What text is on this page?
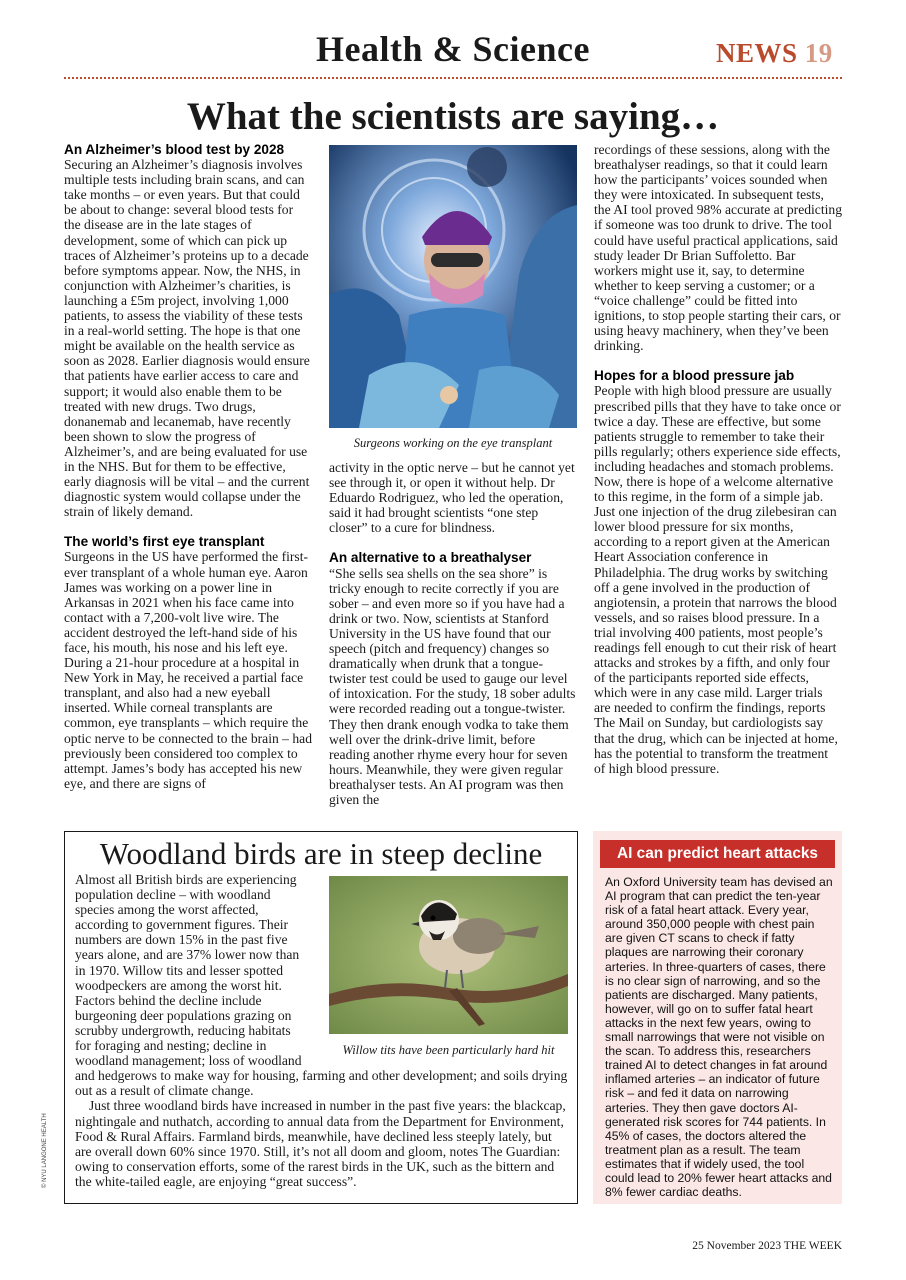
Health & Science	NEWS 19
What the scientists are saying…
An Alzheimer’s blood test by 2028

Securing an Alzheimer’s diagnosis involves multiple tests including brain scans, and can take months – or even years. But that could be about to change: several blood tests for the disease are in the late stages of development, some of which can pick up traces of Alzheimer’s proteins up to a decade before symptoms appear. Now, the NHS, in conjunction with Alzheimer’s charities, is launching a £5m project, involving 1,000 patients, to assess the viability of these tests in a real-world setting. The hope is that one might be available on the health service as soon as 2028. Earlier diagnosis would ensure that patients have earlier access to care and support; it would also enable them to be treated with new drugs. Two drugs, donanemab and lecanemab, have recently been shown to slow the progress of Alzheimer’s, and are being evaluated for use in the NHS. But for them to be effective, early diagnosis will be vital – and the current diagnostic system would collapse under the strain of likely demand.

The world’s first eye transplant

Surgeons in the US have performed the first-ever transplant of a whole human eye. Aaron James was working on a power line in Arkansas in 2021 when his face came into contact with a 7,200-volt live wire. The accident destroyed the left-hand side of his face, his mouth, his nose and his left eye. During a 21-hour procedure at a hospital in New York in May, he received a partial face transplant, and also had a new eyeball inserted. While corneal transplants are common, eye transplants – which require the optic nerve to be connected to the brain – had previously been considered too complex to attempt. James’s body has accepted his new eye, and there are signs of

Surgeons working on the eye transplant

activity in the optic nerve – but he cannot yet see through it, or open it without help. Dr Eduardo Rodriguez, who led the operation, said it had brought scientists “one step closer” to a cure for blindness.

An alternative to a breathalyser

“She sells sea shells on the sea shore” is tricky enough to recite correctly if you are sober – and even more so if you have had a drink or two. Now, scientists at Stanford University in the US have found that our speech (pitch and frequency) changes so dramatically when drunk that a tongue-twister test could be used to gauge our level of intoxication. For the study, 18 sober adults were recorded reading out a tongue-twister. They then drank enough vodka to take them well over the drink-drive limit, before reading another rhyme every hour for seven hours. Meanwhile, they were given regular breathalyser tests. An AI program was then given the

recordings of these sessions, along with the breathalyser readings, so that it could learn how the participants’ voices sounded when they were intoxicated. In subsequent tests, the AI tool proved 98% accurate at predicting if someone was too drunk to drive. The tool could have useful practical applications, said study leader Dr Brian Suffoletto. Bar workers might use it, say, to determine whether to keep serving a customer; or a “voice challenge” could be fitted into ignitions, to stop people starting their cars, or using heavy machinery, when they’ve been drinking.

Hopes for a blood pressure jab

People with high blood pressure are usually prescribed pills that they have to take once or twice a day. These are effective, but some patients struggle to remember to take their pills regularly; others experience side effects, including headaches and stomach problems. Now, there is hope of a welcome alternative to this regime, in the form of a simple jab. Just one injection of the drug zilebesiran can lower blood pressure for six months, according to a report given at the American Heart Association conference in Philadelphia. The drug works by switching off a gene involved in the production of angiotensin, a protein that narrows the blood vessels, and so raises blood pressure. In a trial involving 400 patients, most people’s readings fell enough to cut their risk of heart attacks and strokes by a fifth, and only four of the participants reported side effects, which were in any case mild. Larger trials are needed to confirm the findings, reports The Mail on Sunday, but cardiologists say that the drug, which can be injected at home, has the potential to transform the treatment of high blood pressure.

Woodland birds are in steep decline

Almost all British birds are experiencing population decline – with woodland species among the worst affected, according to government figures. Their numbers are down 15% in the past five years alone, and are 37% lower now than in 1970. Willow tits and lesser spotted woodpeckers are among the worst hit. Factors behind the decline include burgeoning deer populations grazing on scrubby undergrowth, reducing habitats for foraging and nesting; decline in woodland management; loss of woodland and hedgerows to make way for housing, farming and other development; and soils drying out as a result of climate change.

Just three woodland birds have increased in number in the past five years: the blackcap, nightingale and nuthatch, according to annual data from the Department for Environment, Food & Rural Affairs. Farmland birds, meanwhile, have declined less steeply lately, but are overall down 60% since 1970. Still, it’s not all doom and gloom, notes The Guardian: owing to conservation efforts, some of the rarest birds in the UK, such as the bittern and the white-tailed eagle, are enjoying “great success”.

Willow tits have been particularly hard hit
AI can predict heart attacks
An Oxford University team has devised an AI program that can predict the ten-year risk of a fatal heart attack. Every year, around 350,000 people with chest pain are given CT scans to check if fatty plaques are narrowing their coronary arteries. In three-quarters of cases, there is no clear sign of narrowing, and so the patients are discharged. Many patients, however, will go on to suffer fatal heart attacks in the next few years, owing to small narrowings that were not visible on the scan. To address this, researchers trained AI to detect changes in fat around inflamed arteries – an indicator of future risk – and fed it data on narrowing arteries. They then gave doctors AI-generated risk scores for 744 patients. In 45% of cases, the doctors altered the treatment plan as a result. The team estimates that if widely used, the tool could lead to 20% fewer heart attacks and 8% fewer cardiac deaths.
© NYU LANGONE HEALTH
25 November 2023 THE WEEK
